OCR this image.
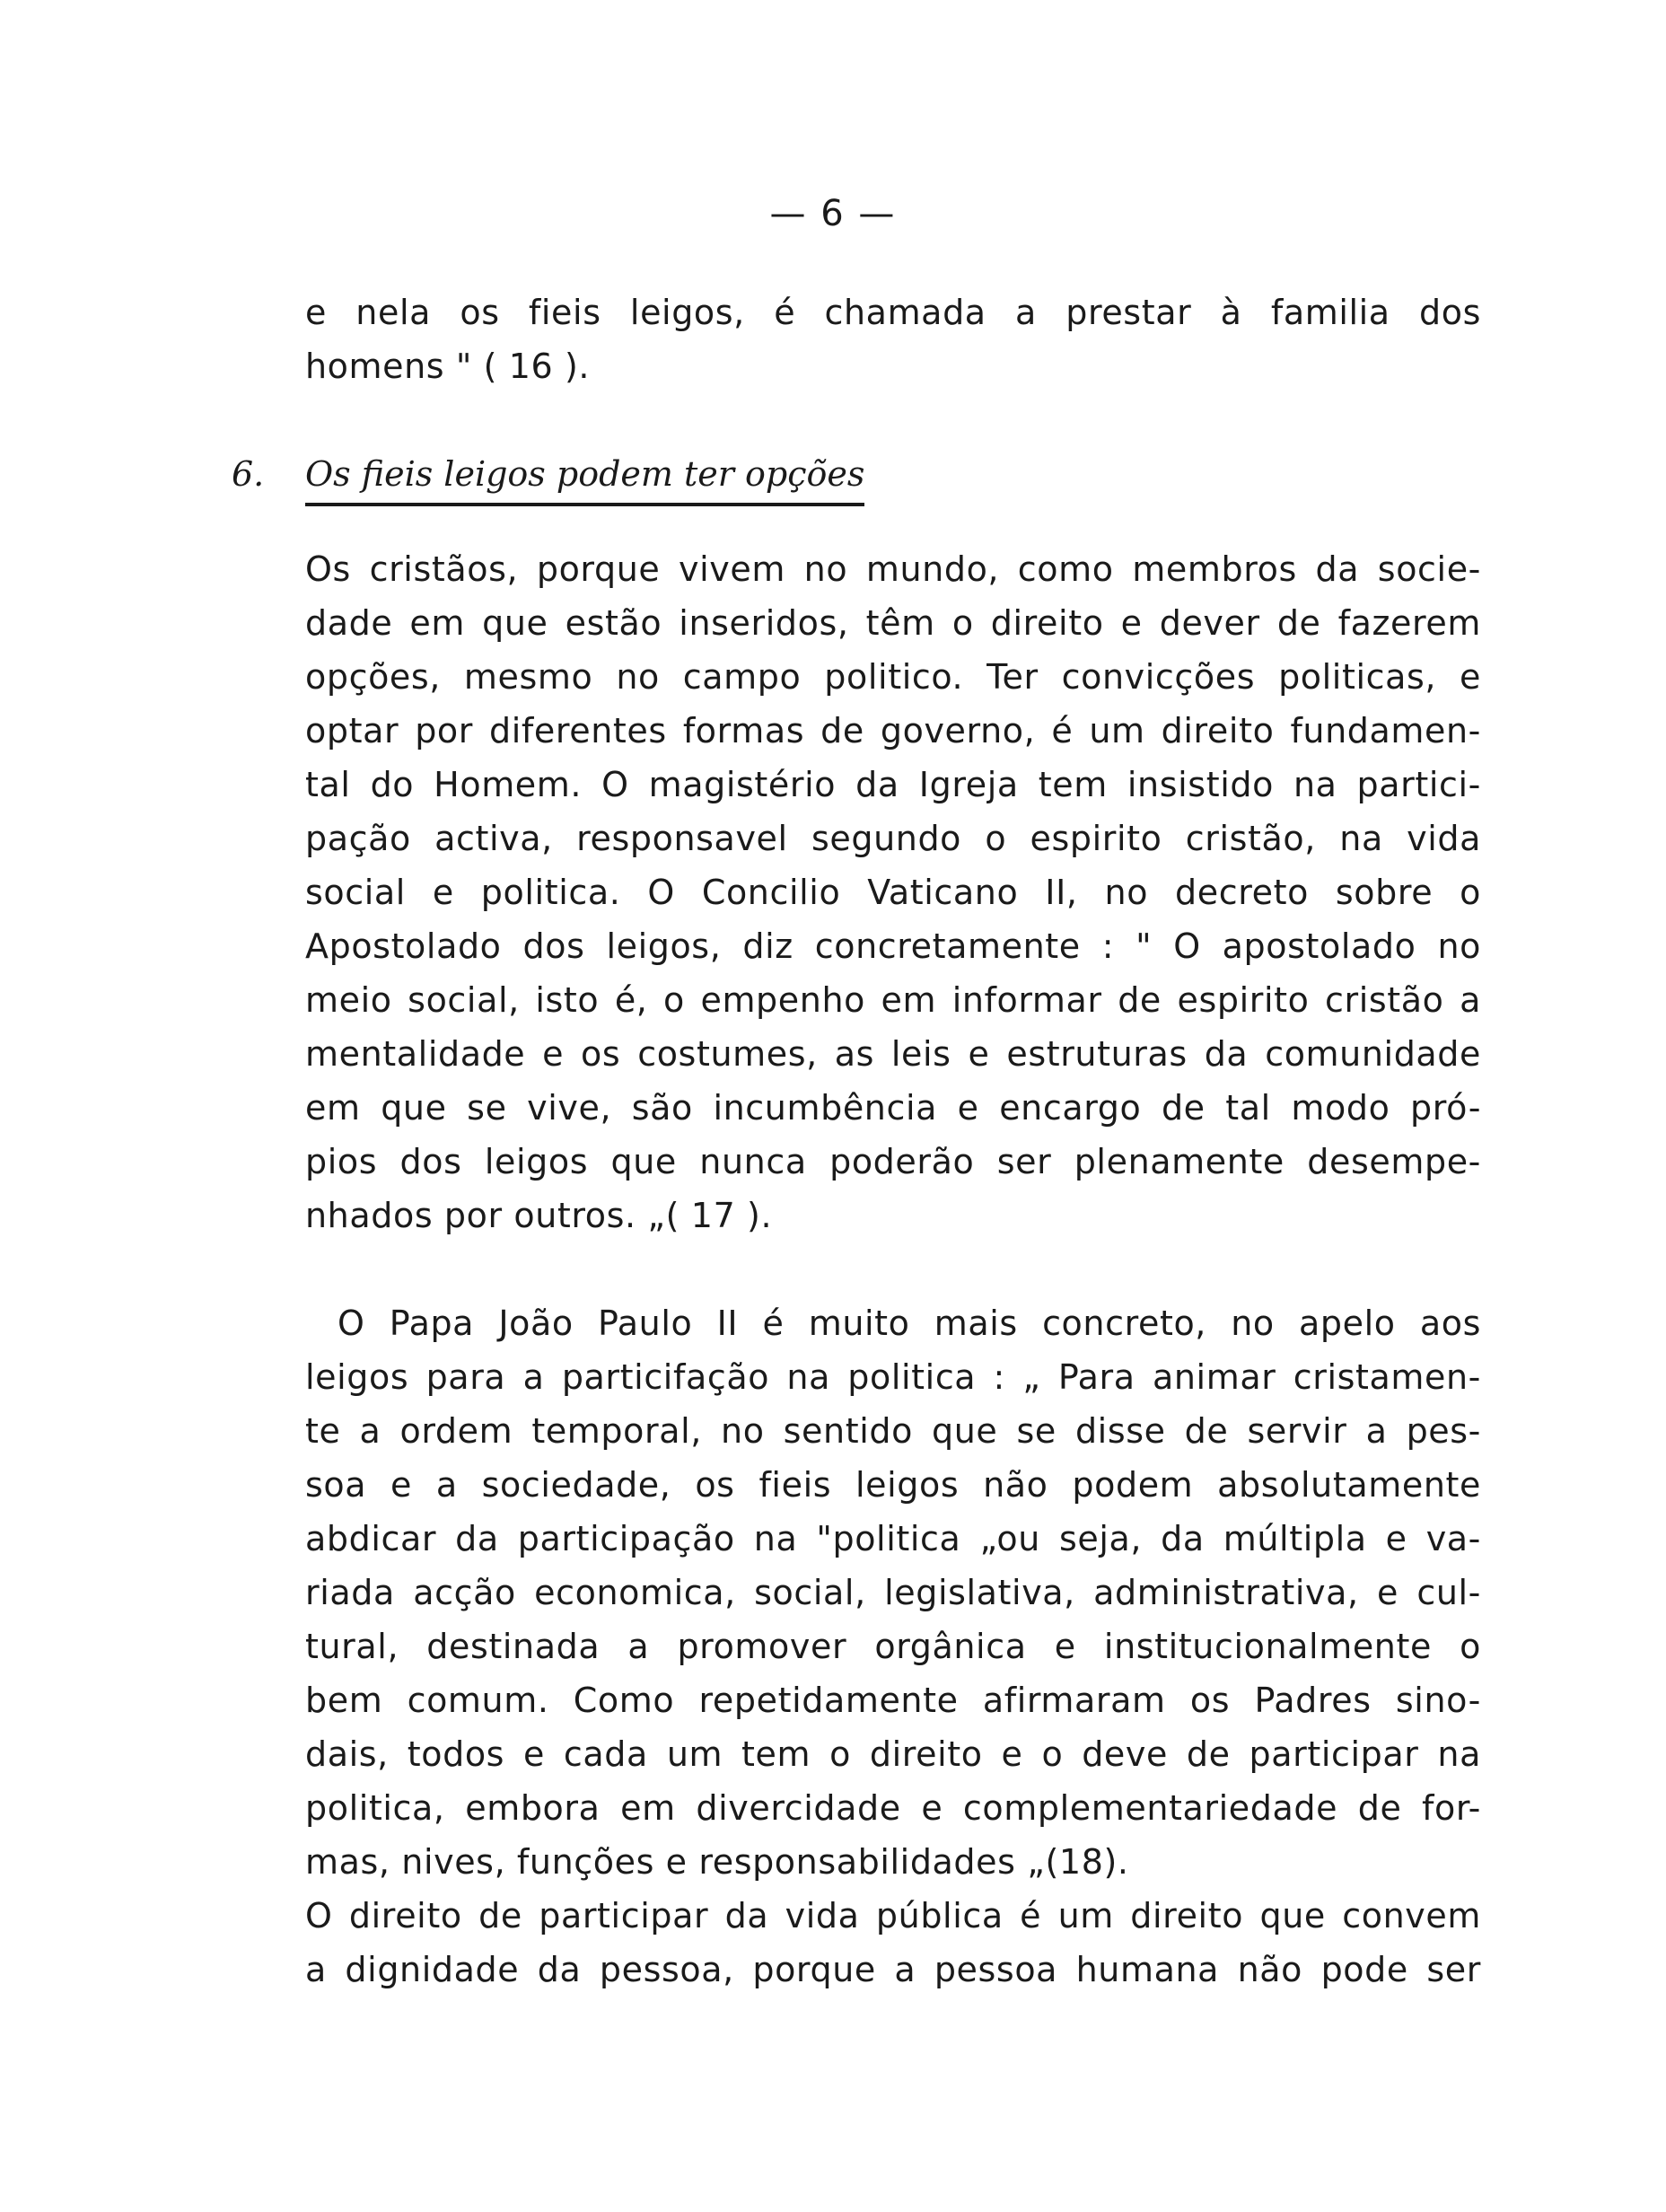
— 6 —
e nela os fieis leigos, é chamada a prestar à familia dos
homens " ( 16 ).
6. Os fieis leigos podem ter opções
Os cristãos, porque vivem no mundo, como membros da socie-
dade em que estão inseridos, têm o direito e dever de fazerem
opções, mesmo no campo politico. Ter convicções politicas, e
optar por diferentes formas de governo, é um direito fundamen-
tal do Homem. O magistério da Igreja tem insistido na partici-
pação activa, responsavel segundo o espirito cristão, na vida
social e politica. O Concilio Vaticano II, no decreto sobre o
Apostolado dos leigos, diz concretamente : " O apostolado no
meio social, isto é, o empenho em informar de espirito cristão a
mentalidade e os costumes, as leis e estruturas da comunidade
em que se vive, são incumbência e encargo de tal modo pró-
pios dos leigos que nunca poderão ser plenamente desempe-
nhados por outros. „( 17 ).
O Papa João Paulo II é muito mais concreto, no apelo aos
leigos para a particifação na politica : „ Para animar cristamen-
te a ordem temporal, no sentido que se disse de servir a pes-
soa e a sociedade, os fieis leigos não podem absolutamente
abdicar da participação na "politica „ou seja, da múltipla e va-
riada acção economica, social, legislativa, administrativa, e cul-
tural, destinada a promover orgânica e institucionalmente o
bem comum. Como repetidamente afirmaram os Padres sino-
dais, todos e cada um tem o direito e o deve de participar na
politica, embora em divercidade e complementariedade de for-
mas, nives, funções e responsabilidades „(18).
O direito de participar da vida pública é um direito que convem
a dignidade da pessoa, porque a pessoa humana não pode ser
